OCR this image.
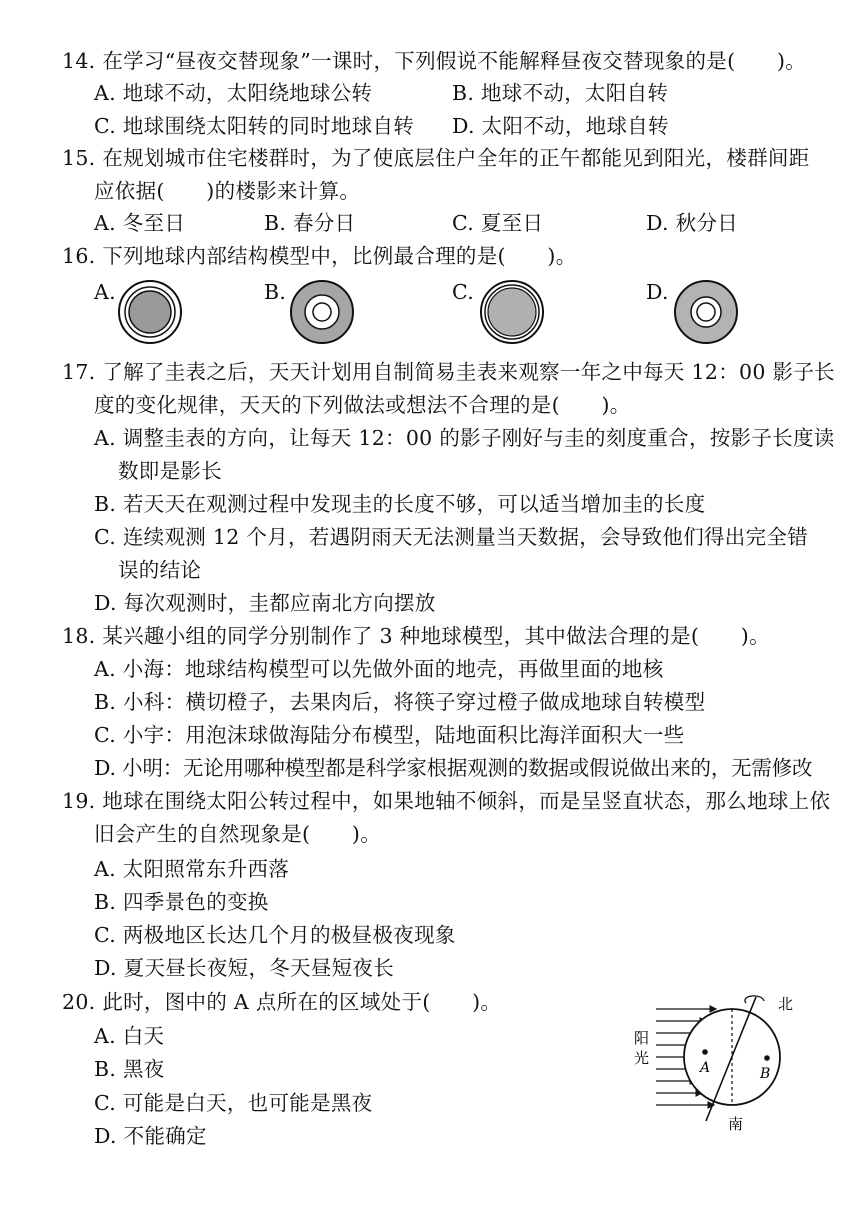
14. 在学习“昼夜交替现象”一课时，下列假说不能解释昼夜交替现象的是(　　)。
A. 地球不动，太阳绕地球公转	B. 地球不动，太阳自转
C. 地球围绕太阳转的同时地球自转 D. 太阳不动，地球自转
15. 在规划城市住宅楼群时，为了使底层住户全年的正午都能见到阳光，楼群间距
应依据(　　)的楼影来计算。
A. 冬至日	B. 春分日	C. 夏至日	D. 秋分日
16. 下列地球内部结构模型中，比例最合理的是(　　)。
A.	B.	C.	D.
17. 了解了圭表之后，天天计划用自制简易圭表来观察一年之中每天 12：00 影子长
度的变化规律，天天的下列做法或想法不合理的是(　　)。
A. 调整圭表的方向，让每天 12：00 的影子刚好与圭的刻度重合，按影子长度读
数即是影长
B. 若天天在观测过程中发现圭的长度不够，可以适当增加圭的长度
C. 连续观测 12 个月，若遇阴雨天无法测量当天数据，会导致他们得出完全错
误的结论
D. 每次观测时，圭都应南北方向摆放
18. 某兴趣小组的同学分别制作了 3 种地球模型，其中做法合理的是(　　)。
A. 小海：地球结构模型可以先做外面的地壳，再做里面的地核
B. 小科：横切橙子，去果肉后，将筷子穿过橙子做成地球自转模型
C. 小宇：用泡沫球做海陆分布模型，陆地面积比海洋面积大一些
D. 小明：无论用哪种模型都是科学家根据观测的数据或假说做出来的，无需修改
19. 地球在围绕太阳公转过程中，如果地轴不倾斜，而是呈竖直状态，那么地球上依
旧会产生的自然现象是(　　)。
A. 太阳照常东升西落
B. 四季景色的变换
C. 两极地区长达几个月的极昼极夜现象
D. 夏天昼长夜短，冬天昼短夜长
20. 此时，图中的 A 点所在的区域处于(　　)。
A. 白天
B. 黑夜
C. 可能是白天，也可能是黑夜
D. 不能确定
阳
光
北
南
A	B
